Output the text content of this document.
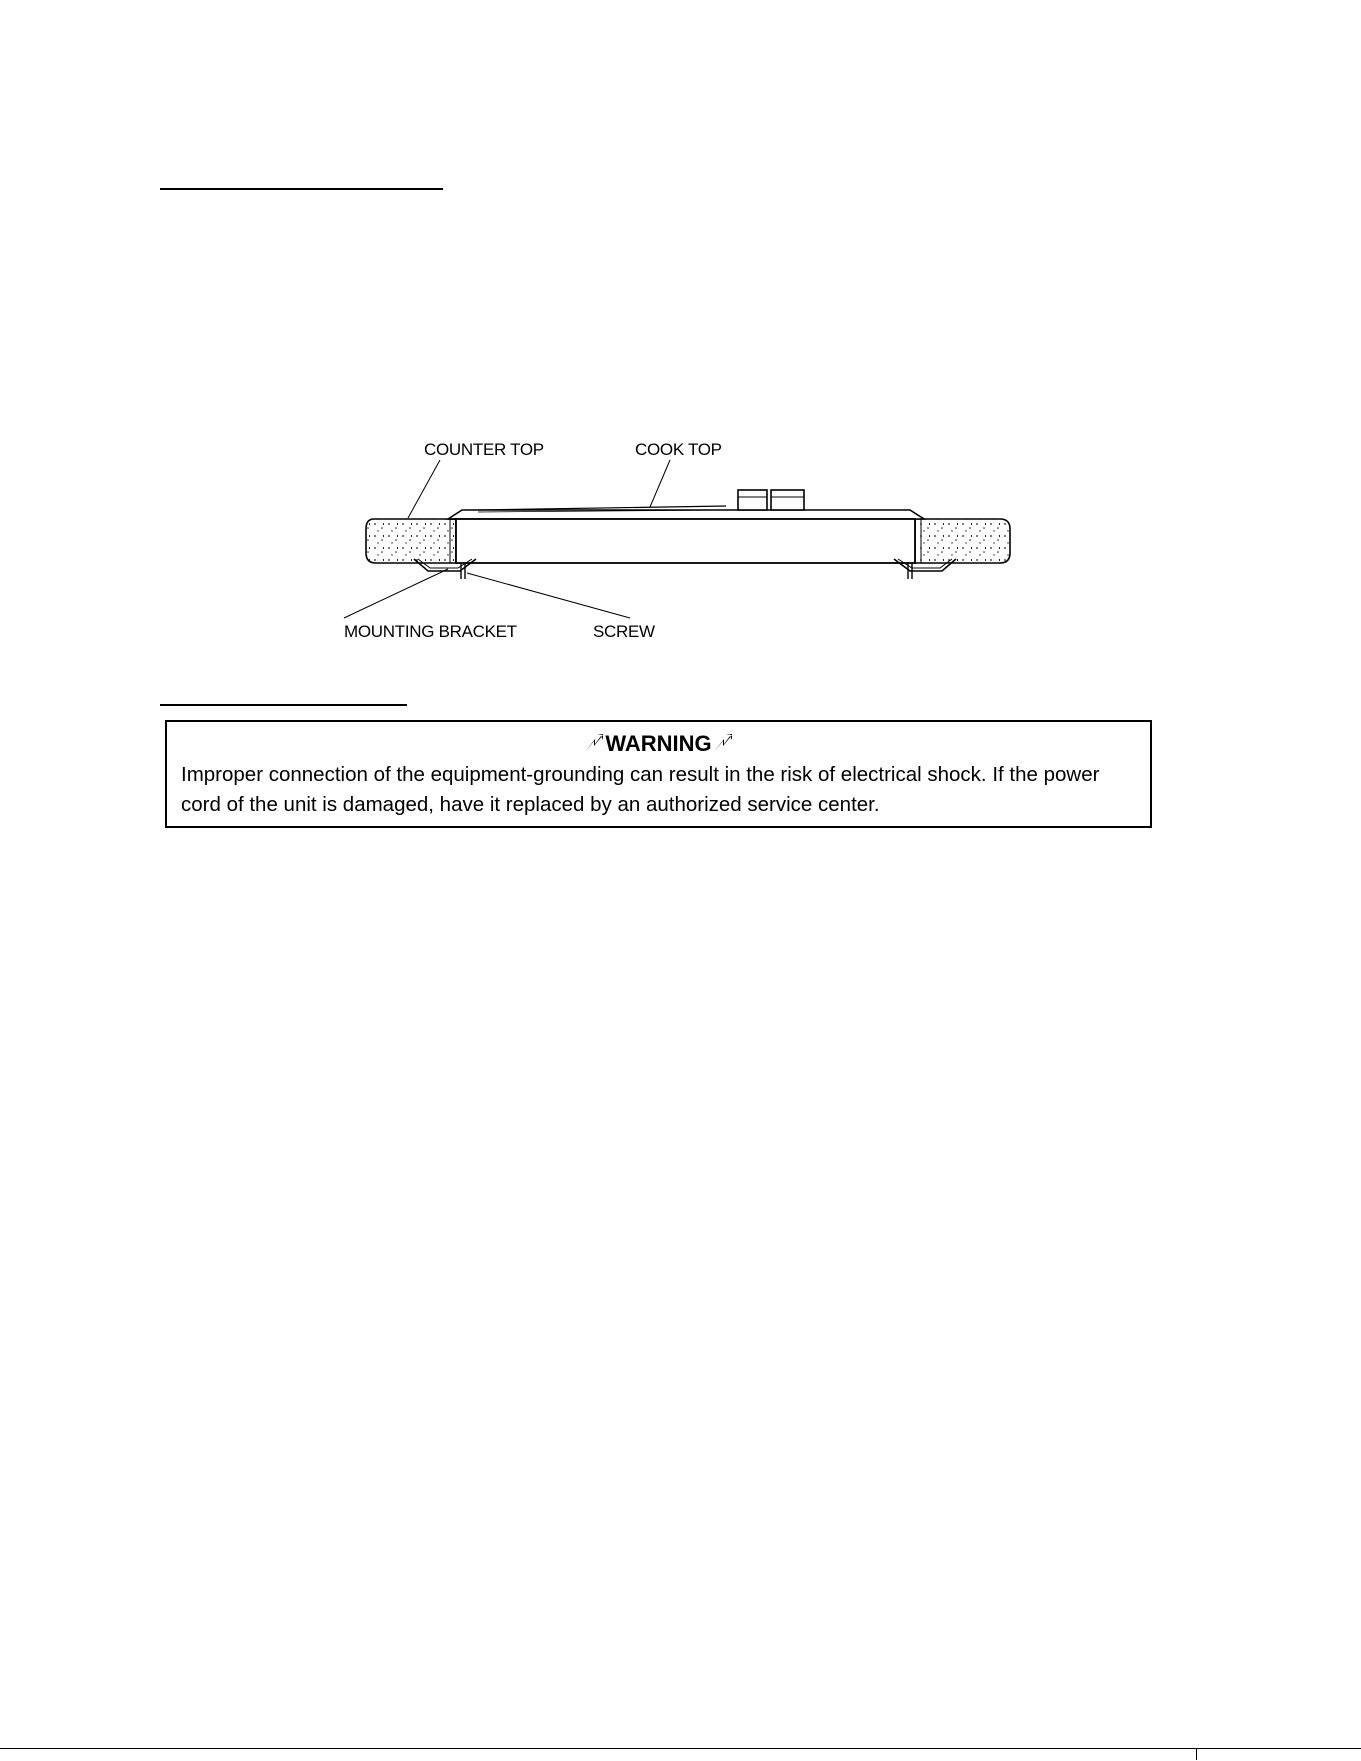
COUNTER TOP	COOK TOP
MOUNTING BRACKET	SCREW
WARNING
Improper connection of the equipment-grounding can result in the risk of electrical shock. If the power cord of the unit is damaged, have it replaced by an authorized service center.
